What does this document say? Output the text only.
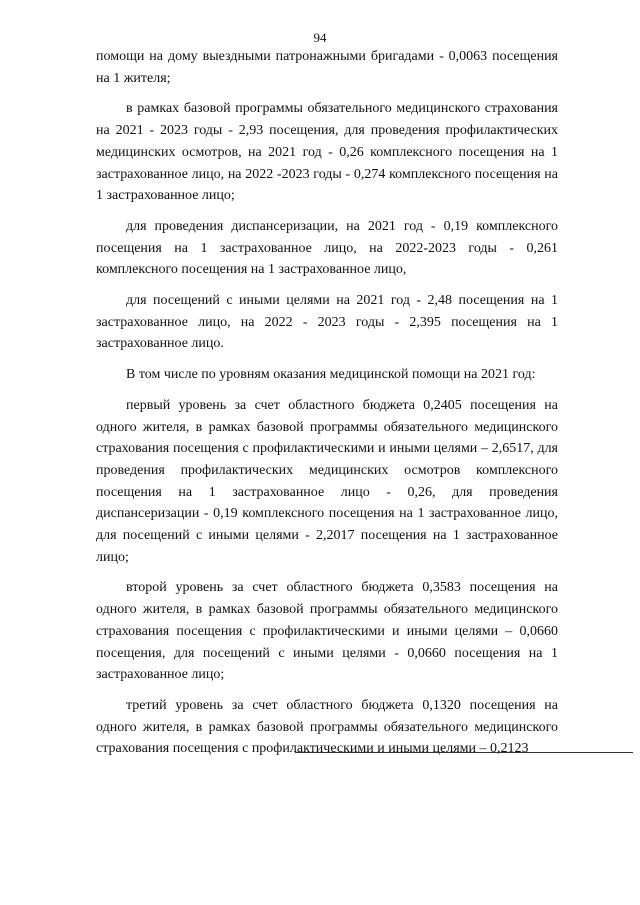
94

помощи на дому выездными патронажными бригадами - 0,0063 посещения на 1 жителя;

в рамках базовой программы обязательного медицинского страхования на 2021 - 2023 годы - 2,93 посещения, для проведения профилактических медицинских осмотров, на 2021 год - 0,26 комплексного посещения на 1 застрахованное лицо, на 2022 -2023 годы - 0,274 комплексного посещения на 1 застрахованное лицо;

для проведения диспансеризации, на 2021 год - 0,19 комплексного посещения на 1 застрахованное лицо, на 2022-2023 годы - 0,261 комплексного посещения на 1 застрахованное лицо,

для посещений с иными целями на 2021 год - 2,48 посещения на 1 застрахованное лицо, на 2022 - 2023 годы - 2,395 посещения на 1 застрахованное лицо.

В том числе по уровням оказания медицинской помощи на 2021 год:

первый уровень за счет областного бюджета 0,2405 посещения на одного жителя, в рамках базовой программы обязательного медицинского страхования посещения с профилактическими и иными целями – 2,6517, для проведения профилактических медицинских осмотров комплексного посещения на 1 застрахованное лицо - 0,26, для проведения диспансеризации - 0,19 комплексного посещения на 1 застрахованное лицо, для посещений с иными целями - 2,2017 посещения на 1 застрахованное лицо;

второй уровень за счет областного бюджета 0,3583 посещения на одного жителя, в рамках базовой программы обязательного медицинского страхования посещения с профилактическими и иными целями – 0,0660 посещения, для посещений с иными целями - 0,0660 посещения на 1 застрахованное лицо;

третий уровень за счет областного бюджета 0,1320 посещения на одного жителя, в рамках базовой программы обязательного медицинского страхования посещения с профилактическими и иными целями – 0,2123
